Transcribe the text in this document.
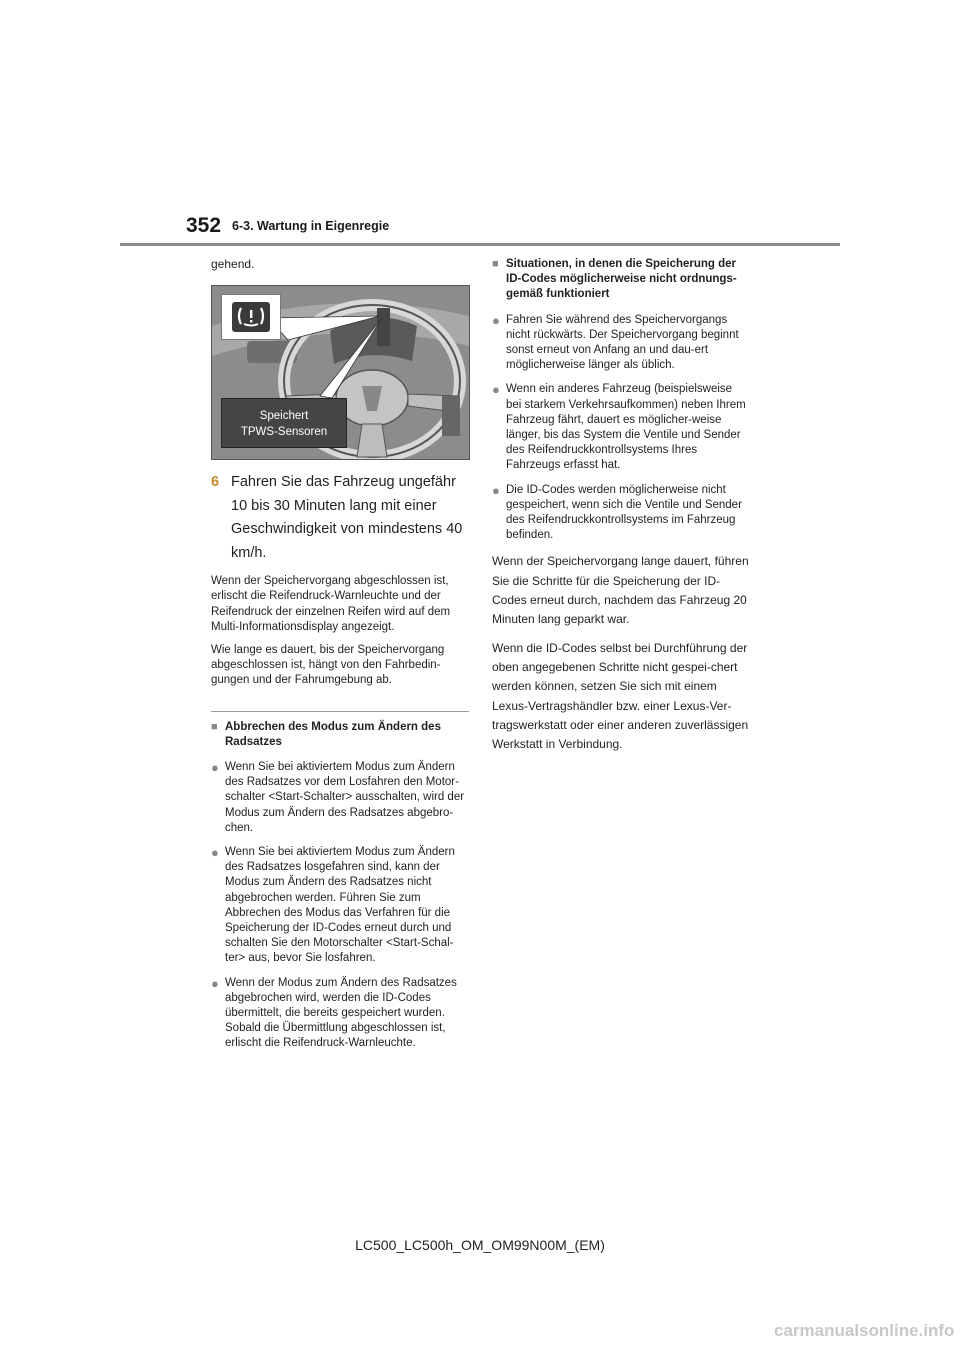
352 6-3. Wartung in Eigenregie

gehend.

Speichert
TPWS-Sensoren
6 Fahren Sie das Fahrzeug ungefähr 10 bis 30 Minuten lang mit einer Geschwindigkeit von mindestens 40 km/h.

Wenn der Speichervorgang abgeschlossen ist, erlischt die Reifendruck-Warnleuchte und der Reifendruck der einzelnen Reifen wird auf dem Multi-Informationsdisplay angezeigt.

Wie lange es dauert, bis der Speichervorgang abgeschlossen ist, hängt von den Fahrbedin-gungen und der Fahrumgebung ab.

■ Abbrechen des Modus zum Ändern des Radsatzes
● Wenn Sie bei aktiviertem Modus zum Ändern des Radsatzes vor dem Losfahren den Motor-schalter <Start-Schalter> ausschalten, wird der Modus zum Ändern des Radsatzes abgebro-chen.
● Wenn Sie bei aktiviertem Modus zum Ändern des Radsatzes losgefahren sind, kann der Modus zum Ändern des Radsatzes nicht abgebrochen werden. Führen Sie zum Abbrechen des Modus das Verfahren für die Speicherung der ID-Codes erneut durch und schalten Sie den Motorschalter <Start-Schal-ter> aus, bevor Sie losfahren.
● Wenn der Modus zum Ändern des Radsatzes abgebrochen wird, werden die ID-Codes übermittelt, die bereits gespeichert wurden. Sobald die Übermittlung abgeschlossen ist, erlischt die Reifendruck-Warnleuchte.
■ Situationen, in denen die Speicherung der ID-Codes möglicherweise nicht ordnungs-gemäß funktioniert
● Fahren Sie während des Speichervorgangs nicht rückwärts. Der Speichervorgang beginnt sonst erneut von Anfang an und dau-ert möglicherweise länger als üblich.
● Wenn ein anderes Fahrzeug (beispielsweise bei starkem Verkehrsaufkommen) neben Ihrem Fahrzeug fährt, dauert es möglicher-weise länger, bis das System die Ventile und Sender des Reifendruckkontrollsystems Ihres Fahrzeugs erfasst hat.
● Die ID-Codes werden möglicherweise nicht gespeichert, wenn sich die Ventile und Sender des Reifendruckkontrollsystems im Fahrzeug befinden.

Wenn der Speichervorgang lange dauert, führen Sie die Schritte für die Speicherung der ID-Codes erneut durch, nachdem das Fahrzeug 20 Minuten lang geparkt war.

Wenn die ID-Codes selbst bei Durchführung der oben angegebenen Schritte nicht gespei-chert werden können, setzen Sie sich mit einem Lexus-Vertragshändler bzw. einer Lexus-Ver-tragswerkstatt oder einer anderen zuverlässigen Werkstatt in Verbindung.

LC500_LC500h_OM_OM99N00M_(EM)
carmanualsonline.info
